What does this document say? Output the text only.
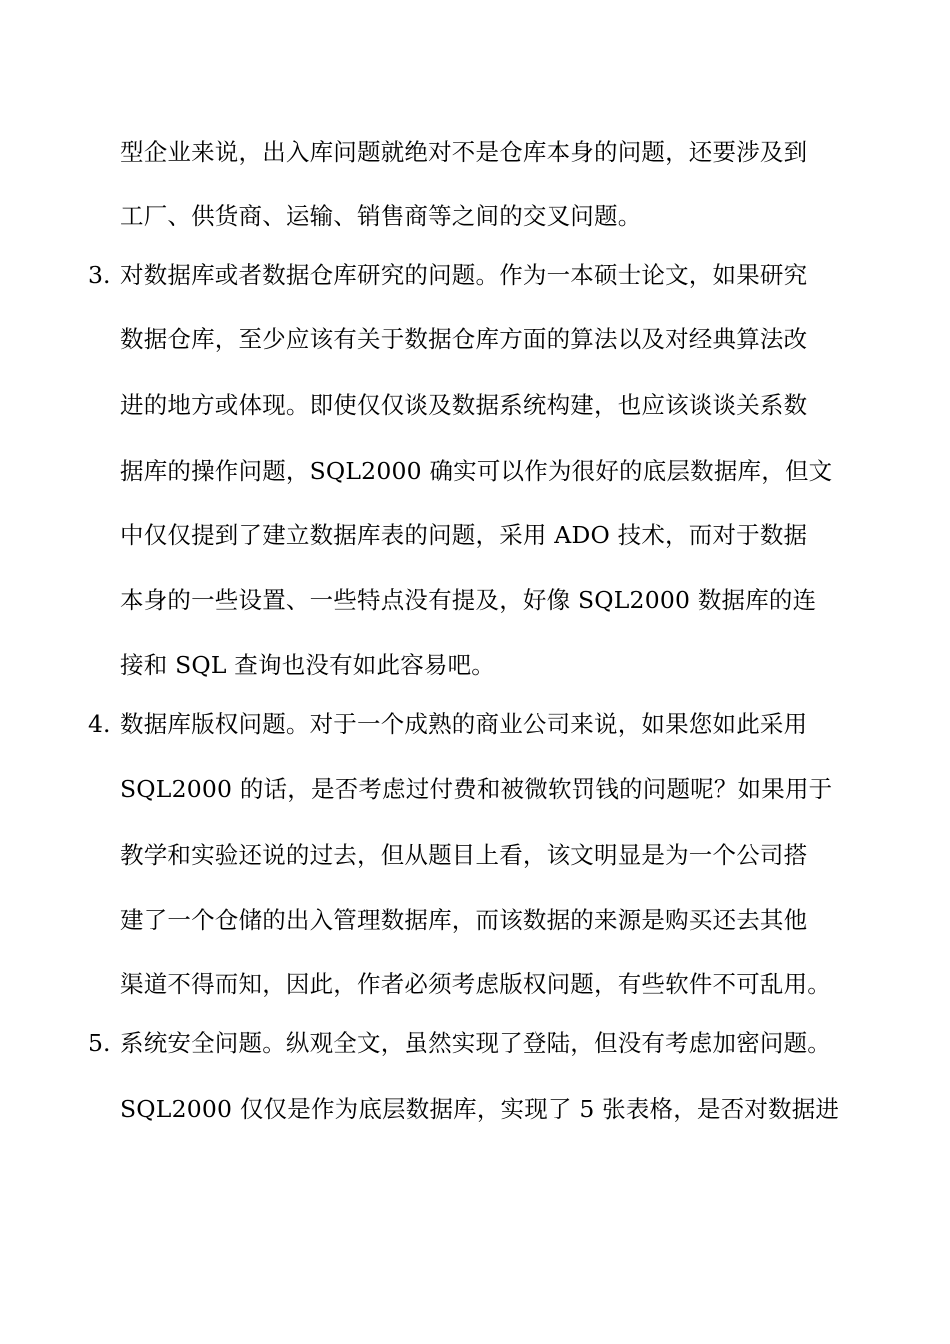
型企业来说，出入库问题就绝对不是仓库本身的问题，还要涉及到
工厂、供货商、运输、销售商等之间的交叉问题。
3. 对数据库或者数据仓库研究的问题。作为一本硕士论文，如果研究
数据仓库，至少应该有关于数据仓库方面的算法以及对经典算法改
进的地方或体现。即使仅仅谈及数据系统构建，也应该谈谈关系数
据库的操作问题，SQL2000 确实可以作为很好的底层数据库，但文
中仅仅提到了建立数据库表的问题，采用 ADO 技术，而对于数据
本身的一些设置、一些特点没有提及，好像 SQL2000 数据库的连
接和 SQL 查询也没有如此容易吧。
4. 数据库版权问题。对于一个成熟的商业公司来说，如果您如此采用
SQL2000 的话，是否考虑过付费和被微软罚钱的问题呢？如果用于
教学和实验还说的过去，但从题目上看，该文明显是为一个公司搭
建了一个仓储的出入管理数据库，而该数据的来源是购买还去其他
渠道不得而知，因此，作者必须考虑版权问题，有些软件不可乱用。
5. 系统安全问题。纵观全文，虽然实现了登陆，但没有考虑加密问题。
SQL2000 仅仅是作为底层数据库，实现了 5 张表格，是否对数据进
